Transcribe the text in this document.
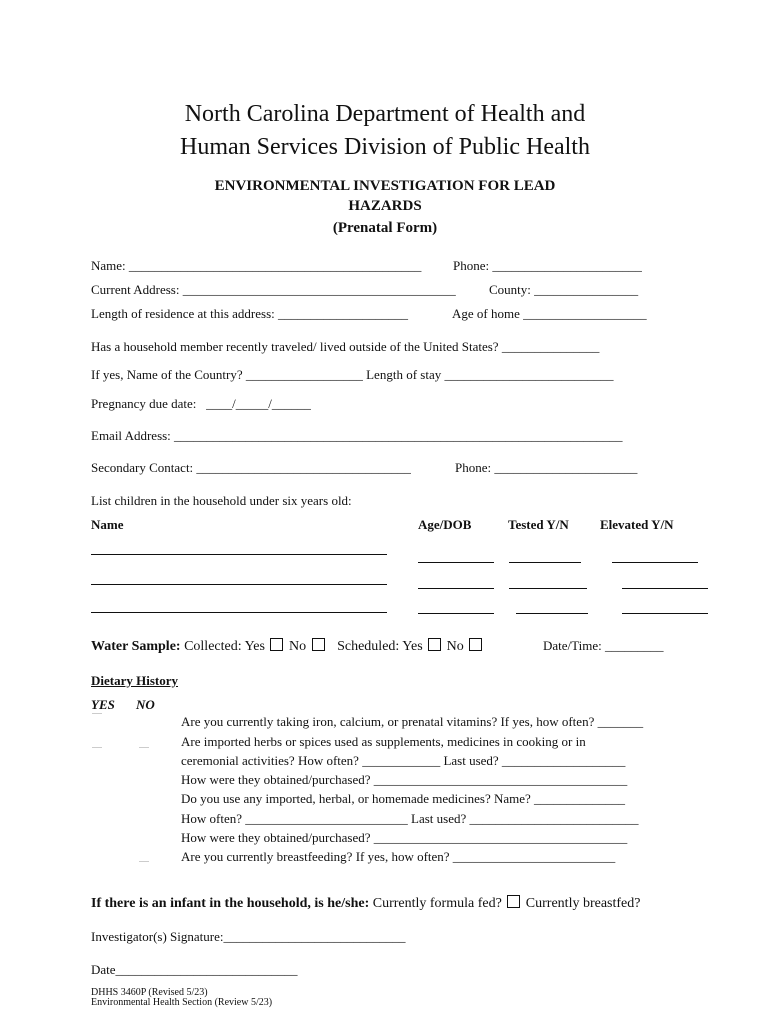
North Carolina Department of Health and
Human Services Division of Public Health
ENVIRONMENTAL INVESTIGATION FOR LEAD
HAZARDS
(Prenatal Form)
Name: _____________________________________________ Phone: _______________________
Current Address: __________________________________________	County: ________________
Length of residence at this address: ____________________	Age of home ___________________
Has a household member recently traveled/ lived outside of the United States? _______________
If yes, Name of the Country? __________________ Length of stay __________________________
Pregnancy due date:   ____/_____/______
Email Address: _____________________________________________________________________
Secondary Contact: _________________________________	Phone: ______________________
List children in the household under six years old:
Name	Age/DOB	Tested Y/N Elevated Y/N
Water Sample: Collected: Yes No Scheduled: Yes No	Date/Time: _________
Dietary History
YES NO
Are you currently taking iron, calcium, or prenatal vitamins? If yes, how often? _______
Are imported herbs or spices used as supplements, medicines in cooking or in
ceremonial activities? How often? ____________ Last used? ___________________
How were they obtained/purchased? _______________________________________
Do you use any imported, herbal, or homemade medicines? Name? ______________
How often? _________________________ Last used? __________________________
How were they obtained/purchased? _______________________________________
Are you currently breastfeeding? If yes, how often? _________________________
If there is an infant in the household, is he/she: Currently formula fed? Currently breastfed?
Investigator(s) Signature:____________________________
Date____________________________
DHHS 3460P (Revised 5/23)
Environmental Health Section (Review 5/23)
